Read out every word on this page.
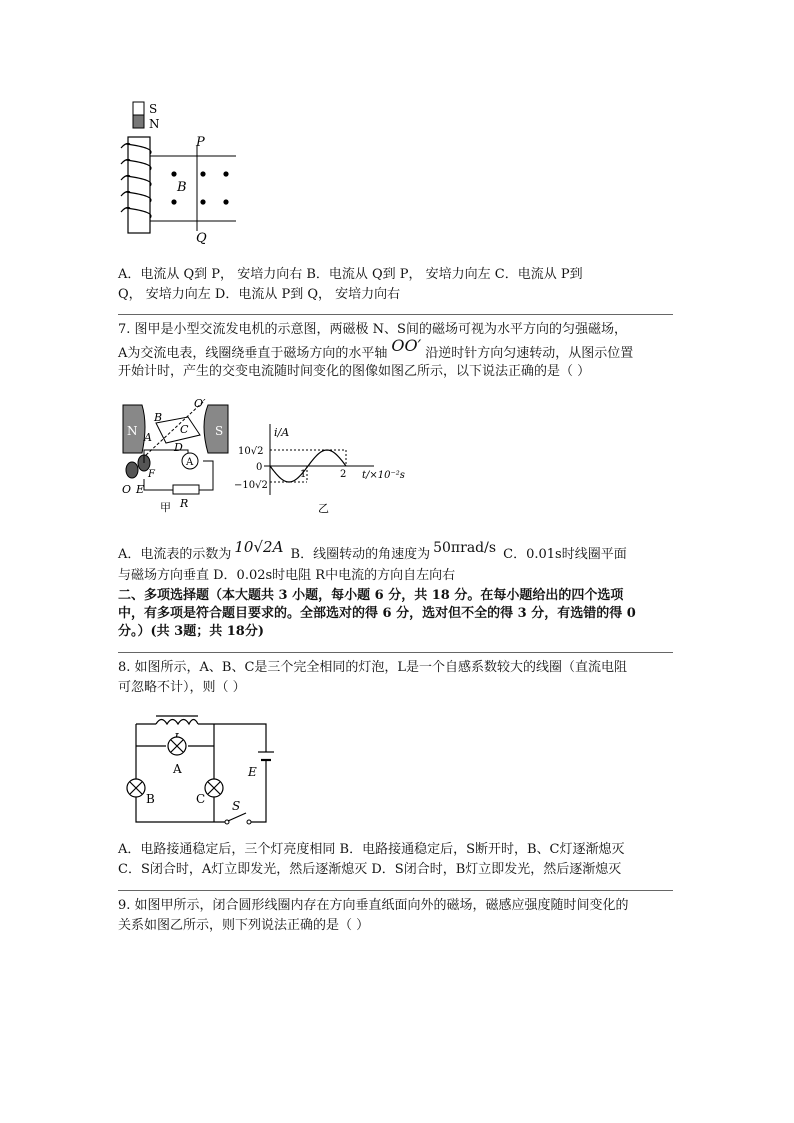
S
N
P
B
Q
A．电流从 Q到 P， 安培力向右 B．电流从 Q到 P， 安培力向左 C．电流从 P到
Q， 安培力向左 D．电流从 P到 Q， 安培力向右
7. 图甲是小型交流发电机的示意图，两磁极 N、S间的磁场可视为水平方向的匀强磁场，
A为交流电表，线圈绕垂直于磁场方向的水平轴 OO′ 沿逆时针方向匀速转动，从图示位置
开始计时，产生的交变电流随时间变化的图像如图乙所示，以下说法正确的是（ ）
N	S
O′
B
C
D
A
A
R
F
O E
甲
i/A
10√2
0
−10√2
1	2 t/×10⁻²s
乙
A．电流表的示数为 10√2A B．线圈转动的角速度为 50πrad/s C．0.01s时线圈平面
与磁场方向垂直 D．0.02s时电阻 R中电流的方向自左向右
二、多项选择题（本大题共 3 小题，每小题 6 分，共 18 分。在每小题给出的四个选项
中，有多项是符合题目要求的。全部选对的得 6 分，选对但不全的得 3 分，有选错的得 0
分。）(共 3题；共 18分)
8. 如图所示，A、B、C是三个完全相同的灯泡，L是一个自感系数较大的线圈（直流电阻
可忽略不计），则（ ）
A
B	C
E
S
A．电路接通稳定后，三个灯亮度相同 B．电路接通稳定后，S断开时，B、C灯逐渐熄灭
C．S闭合时，A灯立即发光，然后逐渐熄灭 D．S闭合时，B灯立即发光，然后逐渐熄灭
9. 如图甲所示，闭合圆形线圈内存在方向垂直纸面向外的磁场，磁感应强度随时间变化的
关系如图乙所示，则下列说法正确的是（ ）
